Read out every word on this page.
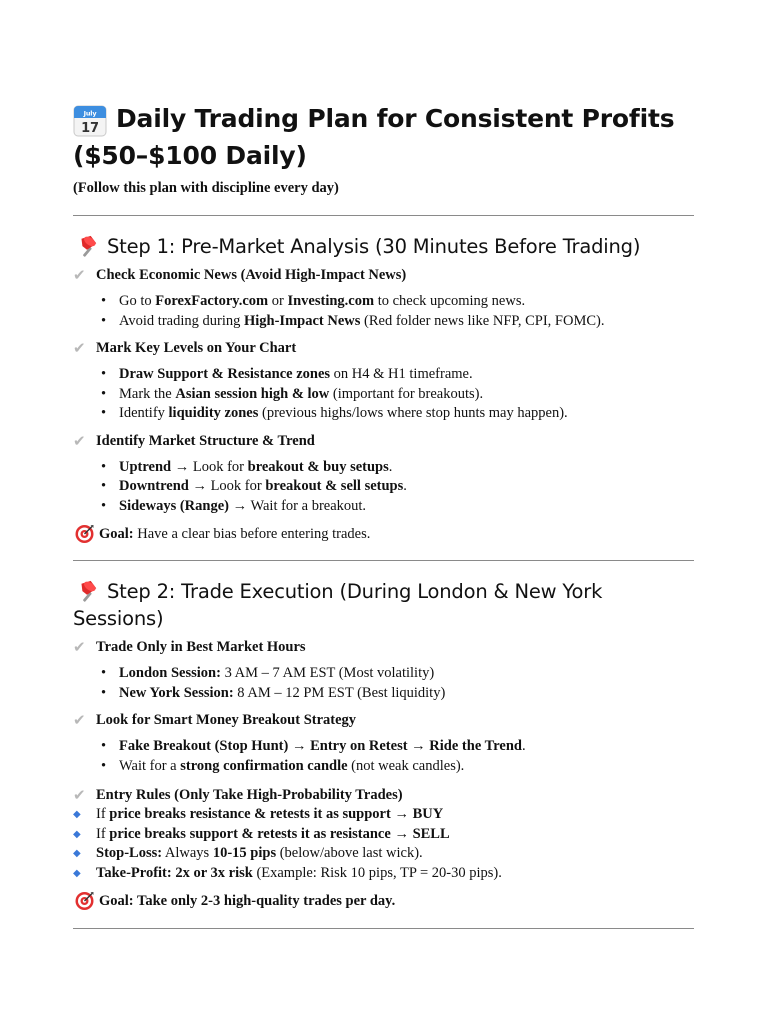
July
17 Daily Trading Plan for Consistent Profits
($50–$100 Daily)

(Follow this plan with discipline every day)

Step 1: Pre-Market Analysis (30 Minutes Before Trading)
✔ Check Economic News (Avoid High-Impact News)
• Go to ForexFactory.com or Investing.com to check upcoming news.
• Avoid trading during High-Impact News (Red folder news like NFP, CPI, FOMC).
✔ Mark Key Levels on Your Chart
• Draw Support & Resistance zones on H4 & H1 timeframe.
• Mark the Asian session high & low (important for breakouts).
• Identify liquidity zones (previous highs/lows where stop hunts may happen).
✔ Identify Market Structure & Trend
• Uptrend → Look for breakout & buy setups.
• Downtrend → Look for breakout & sell setups.
• Sideways (Range) → Wait for a breakout.
Goal: Have a clear bias before entering trades.
Step 2: Trade Execution (During London & New York
Sessions)
✔ Trade Only in Best Market Hours
• London Session: 3 AM – 7 AM EST (Most volatility)
• New York Session: 8 AM – 12 PM EST (Best liquidity)
✔ Look for Smart Money Breakout Strategy
• Fake Breakout (Stop Hunt) → Entry on Retest → Ride the Trend.
• Wait for a strong confirmation candle (not weak candles).
✔ Entry Rules (Only Take High-Probability Trades)
◆	If price breaks resistance & retests it as support → BUY
◆	If price breaks support & retests it as resistance → SELL
◆	Stop-Loss: Always 10-15 pips (below/above last wick).
◆	Take-Profit: 2x or 3x risk (Example: Risk 10 pips, TP = 20-30 pips).
Goal: Take only 2-3 high-quality trades per day.
